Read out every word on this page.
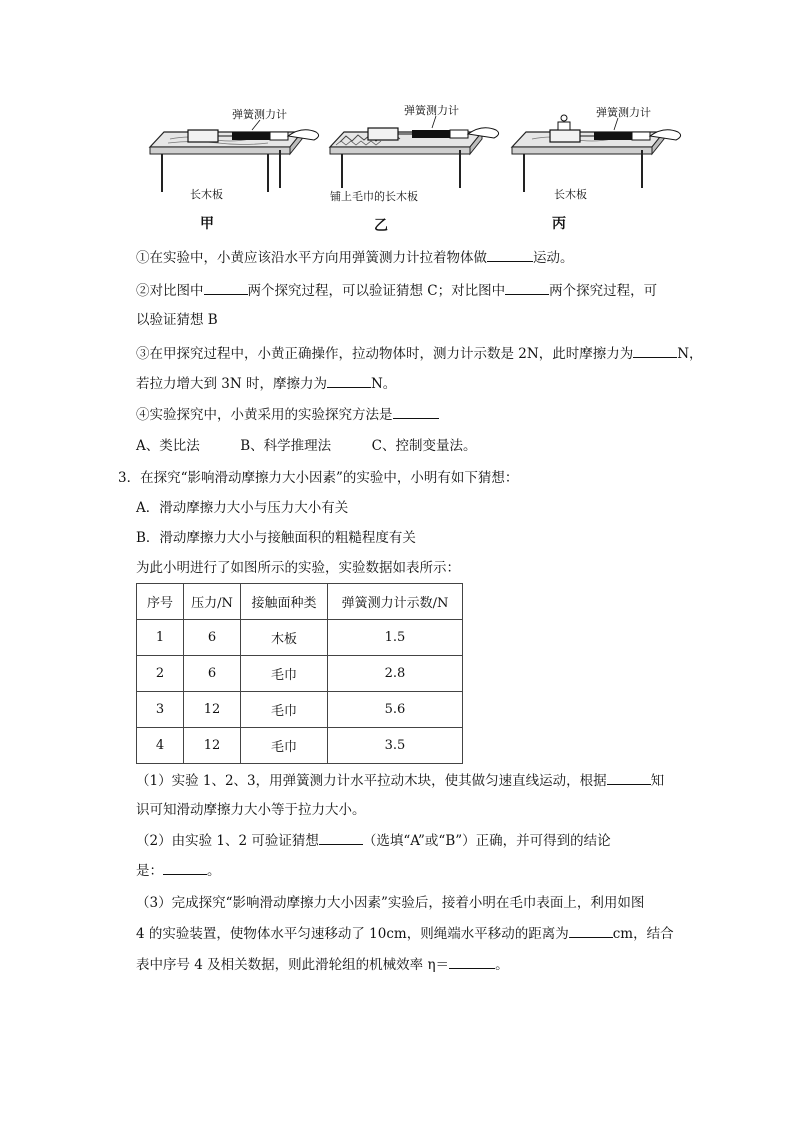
弹簧测力计
长木板
甲
弹簧测力计
铺上毛巾的长木板
乙
弹簧测力计
长木板
丙
①在实验中，小黄应该沿水平方向用弹簧测力计拉着物体做	运动。
②对比图中	两个探究过程，可以验证猜想 C；对比图中	两个探究过程，可
以验证猜想 B
③在甲探究过程中，小黄正确操作，拉动物体时，测力计示数是 2N，此时摩擦力为	N，
若拉力增大到 3N 时，摩擦力为	N。
④实验探究中，小黄采用的实验探究方法是
A、类比法　　　B、科学推理法　　　C、控制变量法。
3．在探究“影响滑动摩擦力大小因素”的实验中，小明有如下猜想：
A．滑动摩擦力大小与压力大小有关
B．滑动摩擦力大小与接触面积的粗糙程度有关
为此小明进行了如图所示的实验，实验数据如表所示：
序号	压力/N	接触面种类	弹簧测力计示数/N
1	6	木板	1.5
2	6	毛巾	2.8
3	12	毛巾	5.6
4	12	毛巾	3.5
（1）实验 1、2、3，用弹簧测力计水平拉动木块，使其做匀速直线运动，根据	知
识可知滑动摩擦力大小等于拉力大小。
（2）由实验 1、2 可验证猜想	（选填“A”或“B”）正确，并可得到的结论
是：	。
（3）完成探究“影响滑动摩擦力大小因素”实验后，接着小明在毛巾表面上，利用如图
4 的实验装置，使物体水平匀速移动了 10cm，则绳端水平移动的距离为	cm，结合
表中序号 4 及相关数据，则此滑轮组的机械效率 η＝	。
